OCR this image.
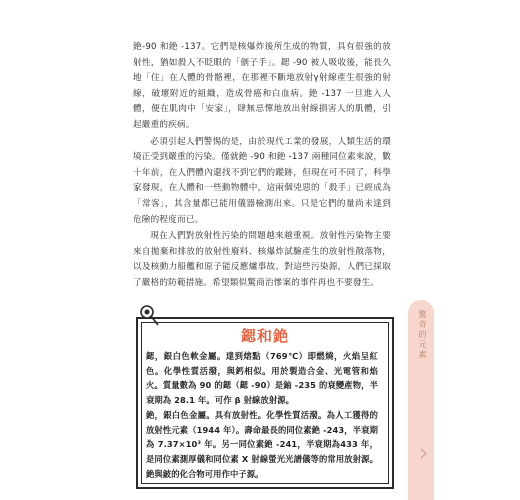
銫-90 和銫 -137。它們是核爆炸後所生成的物質，具有很強的放射性，猶如殺人不眨眼的「劊子手」。鍶 -90 被人吸收後，能長久地「住」在人體的骨骼裡，在那裡不斷地放射γ射線產生很強的射線，破壞附近的組織，造成骨癌和白血病。銫 -137 一旦進入人體，便在肌肉中「安家」，肆無忌憚地放出射線損害人的肌體，引起嚴重的疾病。

必須引起人們警惕的是，由於現代工業的發展，人類生活的環境正受到嚴重的污染。僅就銫 -90 和銫 -137 兩種同位素來說，數十年前，在人們體內還找不到它們的蹤跡，但現在可不同了，科學家發現，在人體和一些動物體中，這兩個兇惡的「殺手」已經成為「常客」，其含量都已能用儀器檢測出來。只是它們的量尚未達到危險的程度而已。

現在人們對放射性污染的問題越來越重視。放射性污染物主要來自拋棄和排放的放射性廢料、核爆炸試驗產生的放射性散落物，以及核動力船艦和原子能反應爐事故。對這些污染源，人們已採取了嚴格的防範措施。希望類似驚商治慘案的事件再也不要發生。

驚奇的元素
鍶和銫

鍶，銀白色軟金屬。達到熔點（769℃）即燃燒，火焰呈紅色。化學性質活潑，與鈣相似。用於製造合金、光電管和焰火。質量數為 90 的鍶（鍶 -90）是鈾 -235 的衰變產物，半衰期為 28.1 年。可作 β 射線放射源。

銫，銀白色金屬。具有放射性。化學性質活潑。為人工獲得的放射性元素（1944 年）。壽命最長的同位素銫 -243，半衰期為 7.37×10³ 年。另一同位素銫 -241，半衰期為433 年，是同位素測厚儀和同位素 X 射線螢光光譜儀等的常用放射源。銫與鈹的化合物可用作中子源。
